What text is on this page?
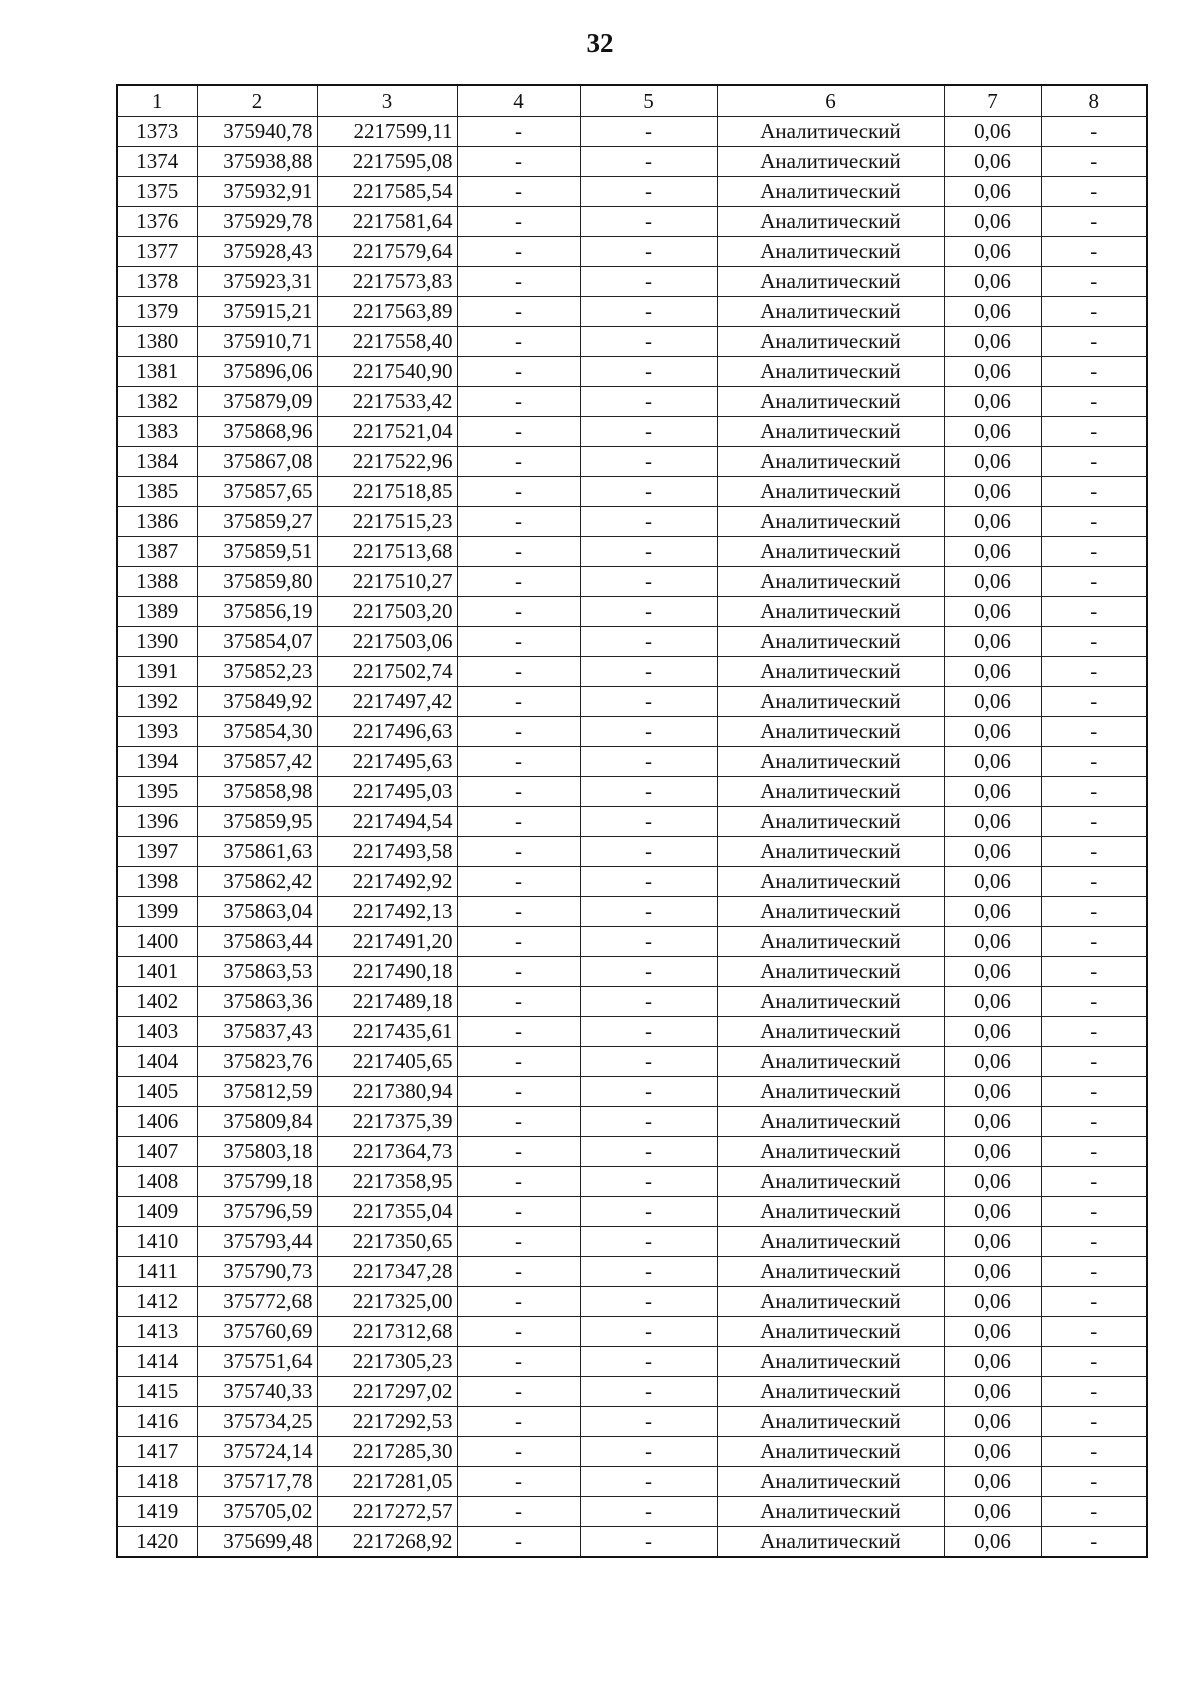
32
1	2	3	4	5	6	7	8
1373	375940,78	2217599,11	-	-	Аналитический	0,06	-
1374	375938,88	2217595,08	-	-	Аналитический	0,06	-
1375	375932,91	2217585,54	-	-	Аналитический	0,06	-
1376	375929,78	2217581,64	-	-	Аналитический	0,06	-
1377	375928,43	2217579,64	-	-	Аналитический	0,06	-
1378	375923,31	2217573,83	-	-	Аналитический	0,06	-
1379	375915,21	2217563,89	-	-	Аналитический	0,06	-
1380	375910,71	2217558,40	-	-	Аналитический	0,06	-
1381	375896,06	2217540,90	-	-	Аналитический	0,06	-
1382	375879,09	2217533,42	-	-	Аналитический	0,06	-
1383	375868,96	2217521,04	-	-	Аналитический	0,06	-
1384	375867,08	2217522,96	-	-	Аналитический	0,06	-
1385	375857,65	2217518,85	-	-	Аналитический	0,06	-
1386	375859,27	2217515,23	-	-	Аналитический	0,06	-
1387	375859,51	2217513,68	-	-	Аналитический	0,06	-
1388	375859,80	2217510,27	-	-	Аналитический	0,06	-
1389	375856,19	2217503,20	-	-	Аналитический	0,06	-
1390	375854,07	2217503,06	-	-	Аналитический	0,06	-
1391	375852,23	2217502,74	-	-	Аналитический	0,06	-
1392	375849,92	2217497,42	-	-	Аналитический	0,06	-
1393	375854,30	2217496,63	-	-	Аналитический	0,06	-
1394	375857,42	2217495,63	-	-	Аналитический	0,06	-
1395	375858,98	2217495,03	-	-	Аналитический	0,06	-
1396	375859,95	2217494,54	-	-	Аналитический	0,06	-
1397	375861,63	2217493,58	-	-	Аналитический	0,06	-
1398	375862,42	2217492,92	-	-	Аналитический	0,06	-
1399	375863,04	2217492,13	-	-	Аналитический	0,06	-
1400	375863,44	2217491,20	-	-	Аналитический	0,06	-
1401	375863,53	2217490,18	-	-	Аналитический	0,06	-
1402	375863,36	2217489,18	-	-	Аналитический	0,06	-
1403	375837,43	2217435,61	-	-	Аналитический	0,06	-
1404	375823,76	2217405,65	-	-	Аналитический	0,06	-
1405	375812,59	2217380,94	-	-	Аналитический	0,06	-
1406	375809,84	2217375,39	-	-	Аналитический	0,06	-
1407	375803,18	2217364,73	-	-	Аналитический	0,06	-
1408	375799,18	2217358,95	-	-	Аналитический	0,06	-
1409	375796,59	2217355,04	-	-	Аналитический	0,06	-
1410	375793,44	2217350,65	-	-	Аналитический	0,06	-
1411	375790,73	2217347,28	-	-	Аналитический	0,06	-
1412	375772,68	2217325,00	-	-	Аналитический	0,06	-
1413	375760,69	2217312,68	-	-	Аналитический	0,06	-
1414	375751,64	2217305,23	-	-	Аналитический	0,06	-
1415	375740,33	2217297,02	-	-	Аналитический	0,06	-
1416	375734,25	2217292,53	-	-	Аналитический	0,06	-
1417	375724,14	2217285,30	-	-	Аналитический	0,06	-
1418	375717,78	2217281,05	-	-	Аналитический	0,06	-
1419	375705,02	2217272,57	-	-	Аналитический	0,06	-
1420	375699,48	2217268,92	-	-	Аналитический	0,06	-
